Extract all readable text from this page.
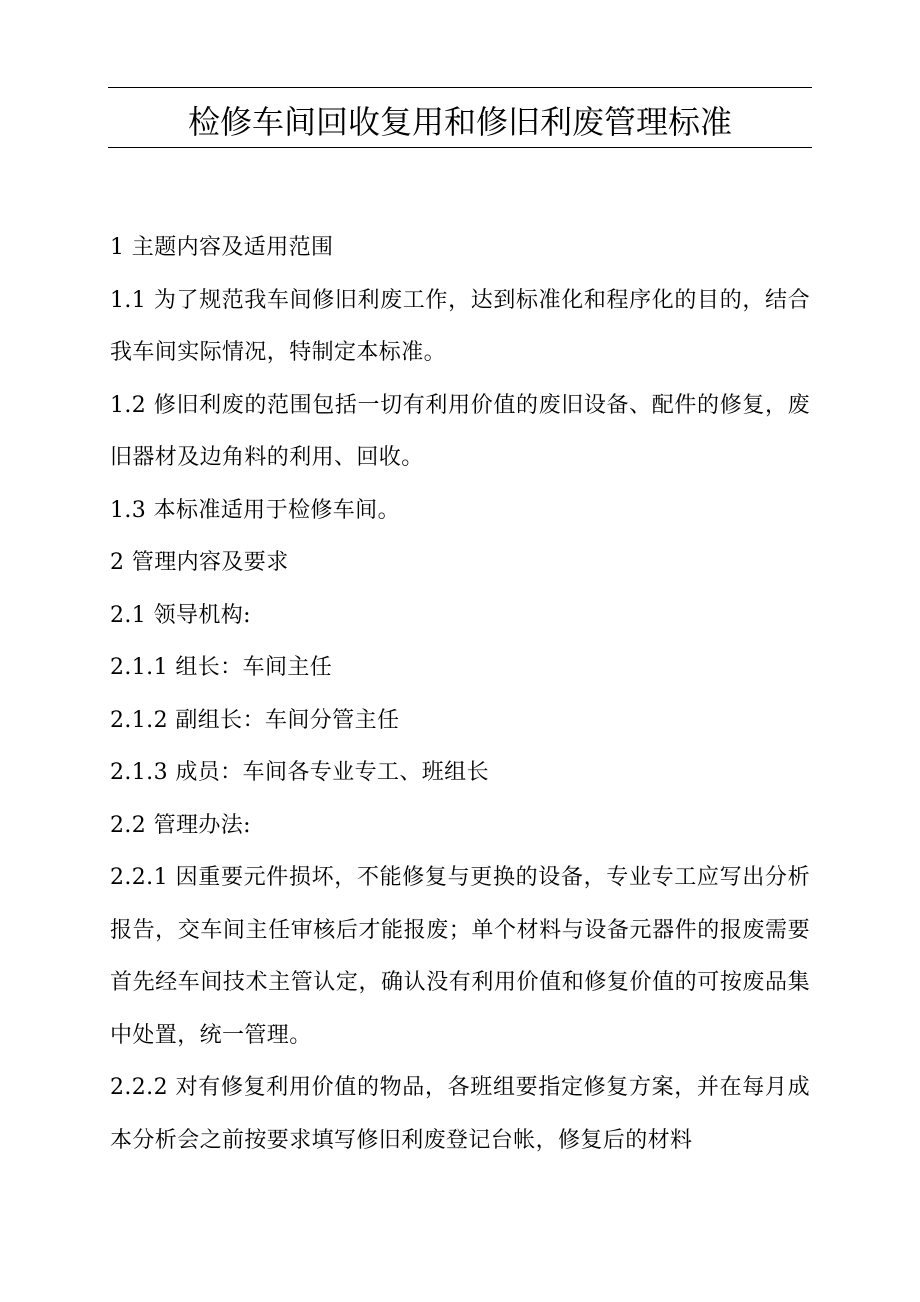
检修车间回收复用和修旧利废管理标准

1 主题内容及适用范围

1.1 为了规范我车间修旧利废工作，达到标准化和程序化的目的，结合我车间实际情况，特制定本标准。

1.2 修旧利废的范围包括一切有利用价值的废旧设备、配件的修复，废旧器材及边角料的利用、回收。

1.3 本标准适用于检修车间。

2 管理内容及要求

2.1 领导机构:

2.1.1 组长：车间主任

2.1.2 副组长：车间分管主任

2.1.3 成员：车间各专业专工、班组长

2.2 管理办法:

2.2.1 因重要元件损坏，不能修复与更换的设备，专业专工应写出分析报告，交车间主任审核后才能报废；单个材料与设备元器件的报废需要首先经车间技术主管认定，确认没有利用价值和修复价值的可按废品集中处置，统一管理。

2.2.2 对有修复利用价值的物品，各班组要指定修复方案，并在每月成本分析会之前按要求填写修旧利废登记台帐，修复后的材料
